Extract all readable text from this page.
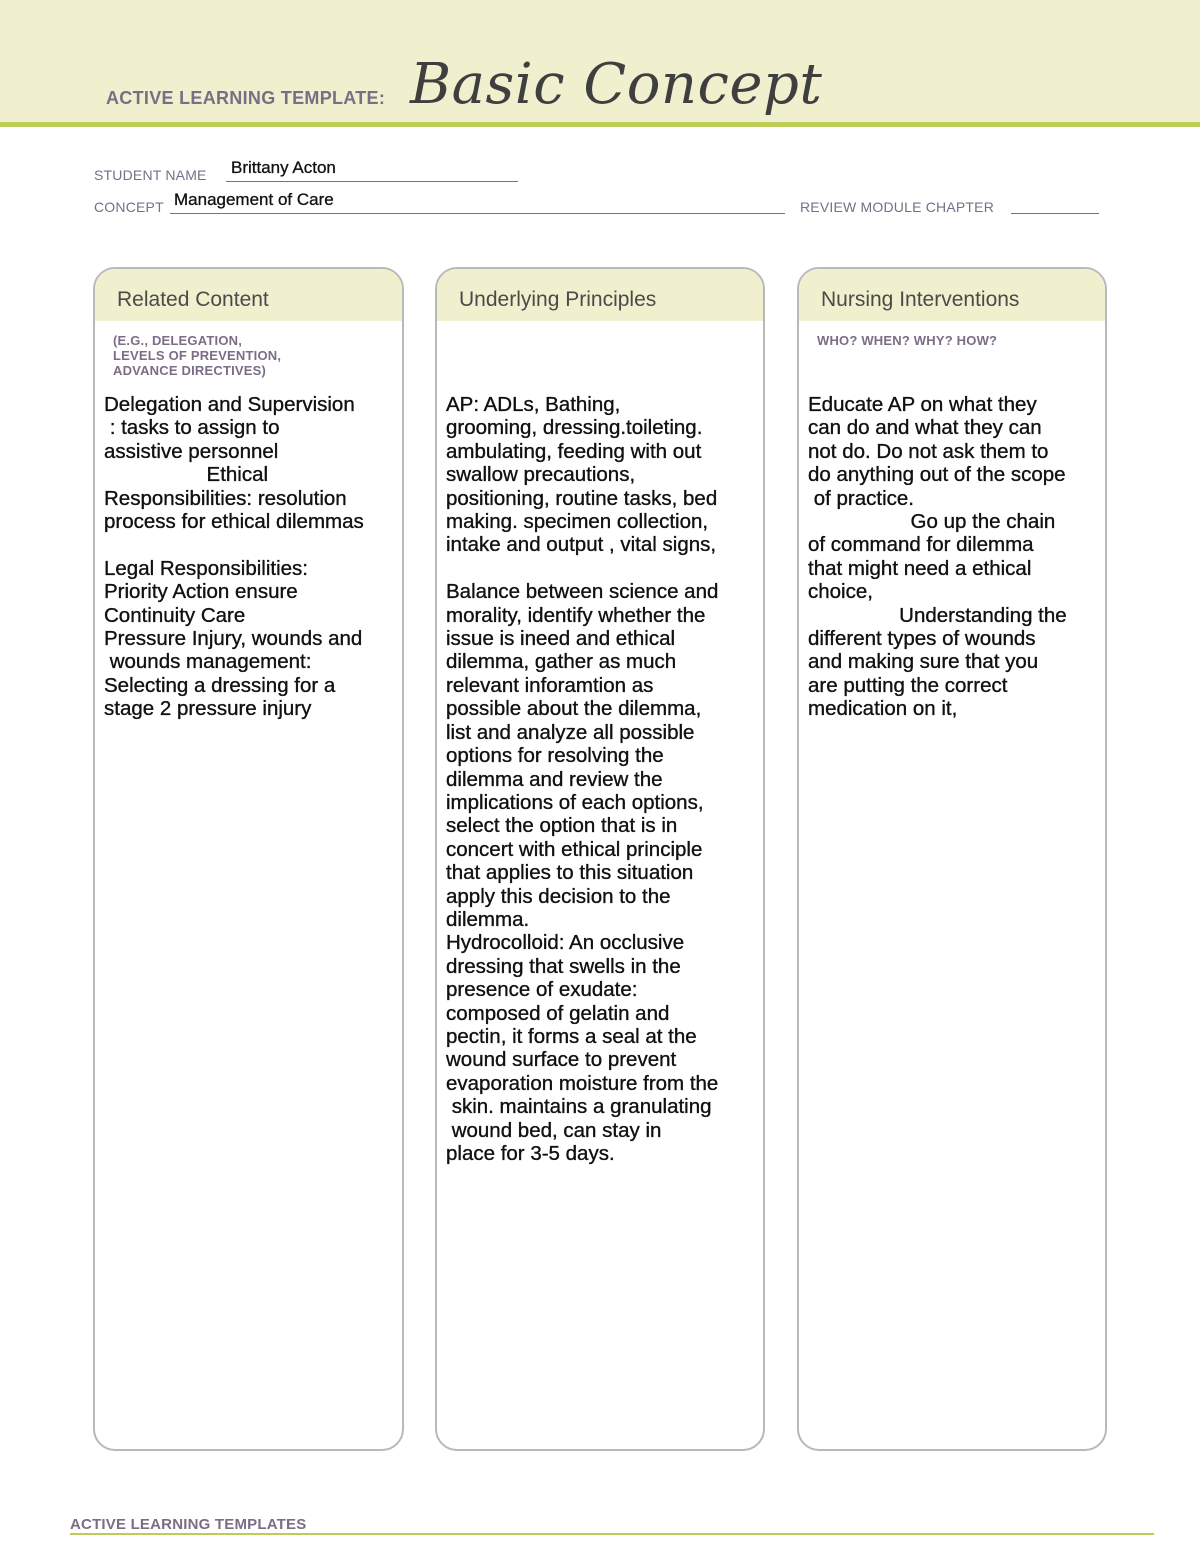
ACTIVE LEARNING TEMPLATE: Basic Concept
STUDENT NAME Brittany Acton
CONCEPT Management of Care	REVIEW MODULE CHAPTER
Related Content
(E.G., DELEGATION,
LEVELS OF PREVENTION,
ADVANCE DIRECTIVES)
Delegation and Supervision
: tasks to assign to
assistive personnel
Ethical
Responsibilities: resolution
process for ethical dilemmas

Legal Responsibilities:
Priority Action ensure
Continuity Care
Pressure Injury, wounds and
wounds management:
Selecting a dressing for a
stage 2 pressure injury
Underlying Principles
AP: ADLs, Bathing,
grooming, dressing.toileting.
ambulating, feeding with out
swallow precautions,
positioning, routine tasks, bed
making. specimen collection,
intake and output , vital signs,

Balance between science and
morality, identify whether the
issue is ineed and ethical
dilemma, gather as much
relevant inforamtion as
possible about the dilemma,
list and analyze all possible
options for resolving the
dilemma and review the
implications of each options,
select the option that is in
concert with ethical principle
that applies to this situation
apply this decision to the
dilemma.
Hydrocolloid: An occlusive
dressing that swells in the
presence of exudate:
composed of gelatin and
pectin, it forms a seal at the
wound surface to prevent
evaporation moisture from the
skin. maintains a granulating
wound bed, can stay in
place for 3-5 days.
Nursing Interventions
WHO? WHEN? WHY? HOW?
Educate AP on what they
can do and what they can
not do. Do not ask them to
do anything out of the scope
of practice.
Go up the chain
of command for dilemma
that might need a ethical
choice,
Understanding the
different types of wounds
and making sure that you
are putting the correct
medication on it,
ACTIVE LEARNING TEMPLATES
